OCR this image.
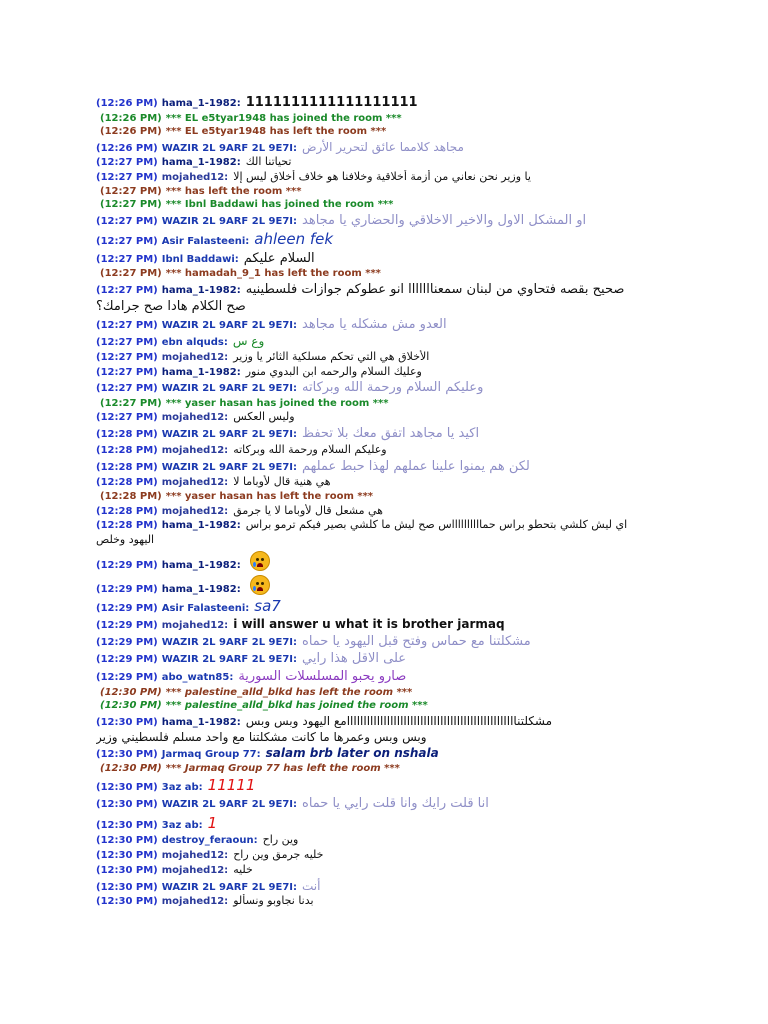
(12:26 PM) hama_1-1982: 1111111111111111111
(12:26 PM) *** EL e5tyar1948 has joined the room ***
(12:26 PM) *** EL e5tyar1948 has left the room ***
(12:26 PM) WAZIR 2L 9ARF 2L 9E7I: مجاهد كلامما عائق لتحرير الأرض
(12:27 PM) hama_1-1982: تحياتنا الك
(12:27 PM) mojahed12: يا وزير نحن نعاني من أزمة أخلاقية وخلافنا هو خلاف أخلاق ليس إلا
(12:27 PM) *** has left the room ***
(12:27 PM) *** Ibnl Baddawi has joined the room ***
(12:27 PM) WAZIR 2L 9ARF 2L 9E7I: او المشكل الاول والاخير الاخلاقي والحضاري يا مجاهد
(12:27 PM) Asir Falasteeni: ahleen fek
(12:27 PM) Ibnl Baddawi: السلام عليكم
(12:27 PM) *** hamadah_9_1 has left the room ***
(12:27 PM) hama_1-1982: صحيح بقصه فتحاوي من لبنان سمعنااااااا انو عطوكم جوازات فلسطينيه
صح الكلام هادا صح جرامك؟
(12:27 PM) WAZIR 2L 9ARF 2L 9E7I: العدو مش مشكله يا مجاهد
(12:27 PM) ebn alquds: وع س
(12:27 PM) mojahed12: الأخلاق هي التي تحكم مسلكية الثائر يا وزير
(12:27 PM) hama_1-1982: وعليك السلام والرحمه ابن البدوي منور
(12:27 PM) WAZIR 2L 9ARF 2L 9E7I: وعليكم السلام ورحمة الله وبركاته
(12:27 PM) *** yaser hasan has joined the room ***
(12:27 PM) mojahed12: وليس العكس
(12:28 PM) WAZIR 2L 9ARF 2L 9E7I: اكيد يا مجاهد اتفق معك بلا تحفظ
(12:28 PM) mojahed12: وعليكم السلام ورحمة الله وبركاته
(12:28 PM) WAZIR 2L 9ARF 2L 9E7I: لكن هم يمنوا علينا عملهم لهذا حبط عملهم
(12:28 PM) mojahed12: هي هنية قال لأوباما لا
(12:28 PM) *** yaser hasan has left the room ***
(12:28 PM) mojahed12: هي مشعل قال لأوباما لا يا جرمق
(12:28 PM) hama_1-1982: اي ليش كلشي بتحطو براس حمااااااااااس صح ليش ما كلشي بصير فيكم ترمو براس
اليهود وخلص
(12:29 PM) hama_1-1982:
(12:29 PM) hama_1-1982:
(12:29 PM) Asir Falasteeni: sa7
(12:29 PM) mojahed12: i will answer u what it is brother jarmaq
(12:29 PM) WAZIR 2L 9ARF 2L 9E7I: مشكلتنا مع حماس وفتح قبل اليهود يا حماه
(12:29 PM) WAZIR 2L 9ARF 2L 9E7I: على الاقل هذا رايي
(12:29 PM) abo_watn85: صارو يحبو المسلسلات السورية
(12:30 PM) *** palestine_alld_blkd has left the room ***
(12:30 PM) *** palestine_alld_blkd has joined the room ***
(12:30 PM) hama_1-1982: وبس وبس مشكلتنااااااااااااااااااااااااااااااااااااااااااااااااااامع اليهود
وبس وبس وعمرها ما كانت مشكلتنا مع واحد مسلم فلسطيني وزير
(12:30 PM) Jarmaq Group 77: salam brb later on nshala
(12:30 PM) *** Jarmaq Group 77 has left the room ***
(12:30 PM) 3az ab: 11111
(12:30 PM) WAZIR 2L 9ARF 2L 9E7I: انا قلت رايك وانا قلت رايي يا حماه
(12:30 PM) 3az ab: 1
(12:30 PM) destroy_feraoun: وين راح
(12:30 PM) mojahed12: خليه جرمق وين راح
(12:30 PM) mojahed12: خليه
(12:30 PM) WAZIR 2L 9ARF 2L 9E7I: أنت
(12:30 PM) mojahed12: بدنا نجاوبو ونسألو
